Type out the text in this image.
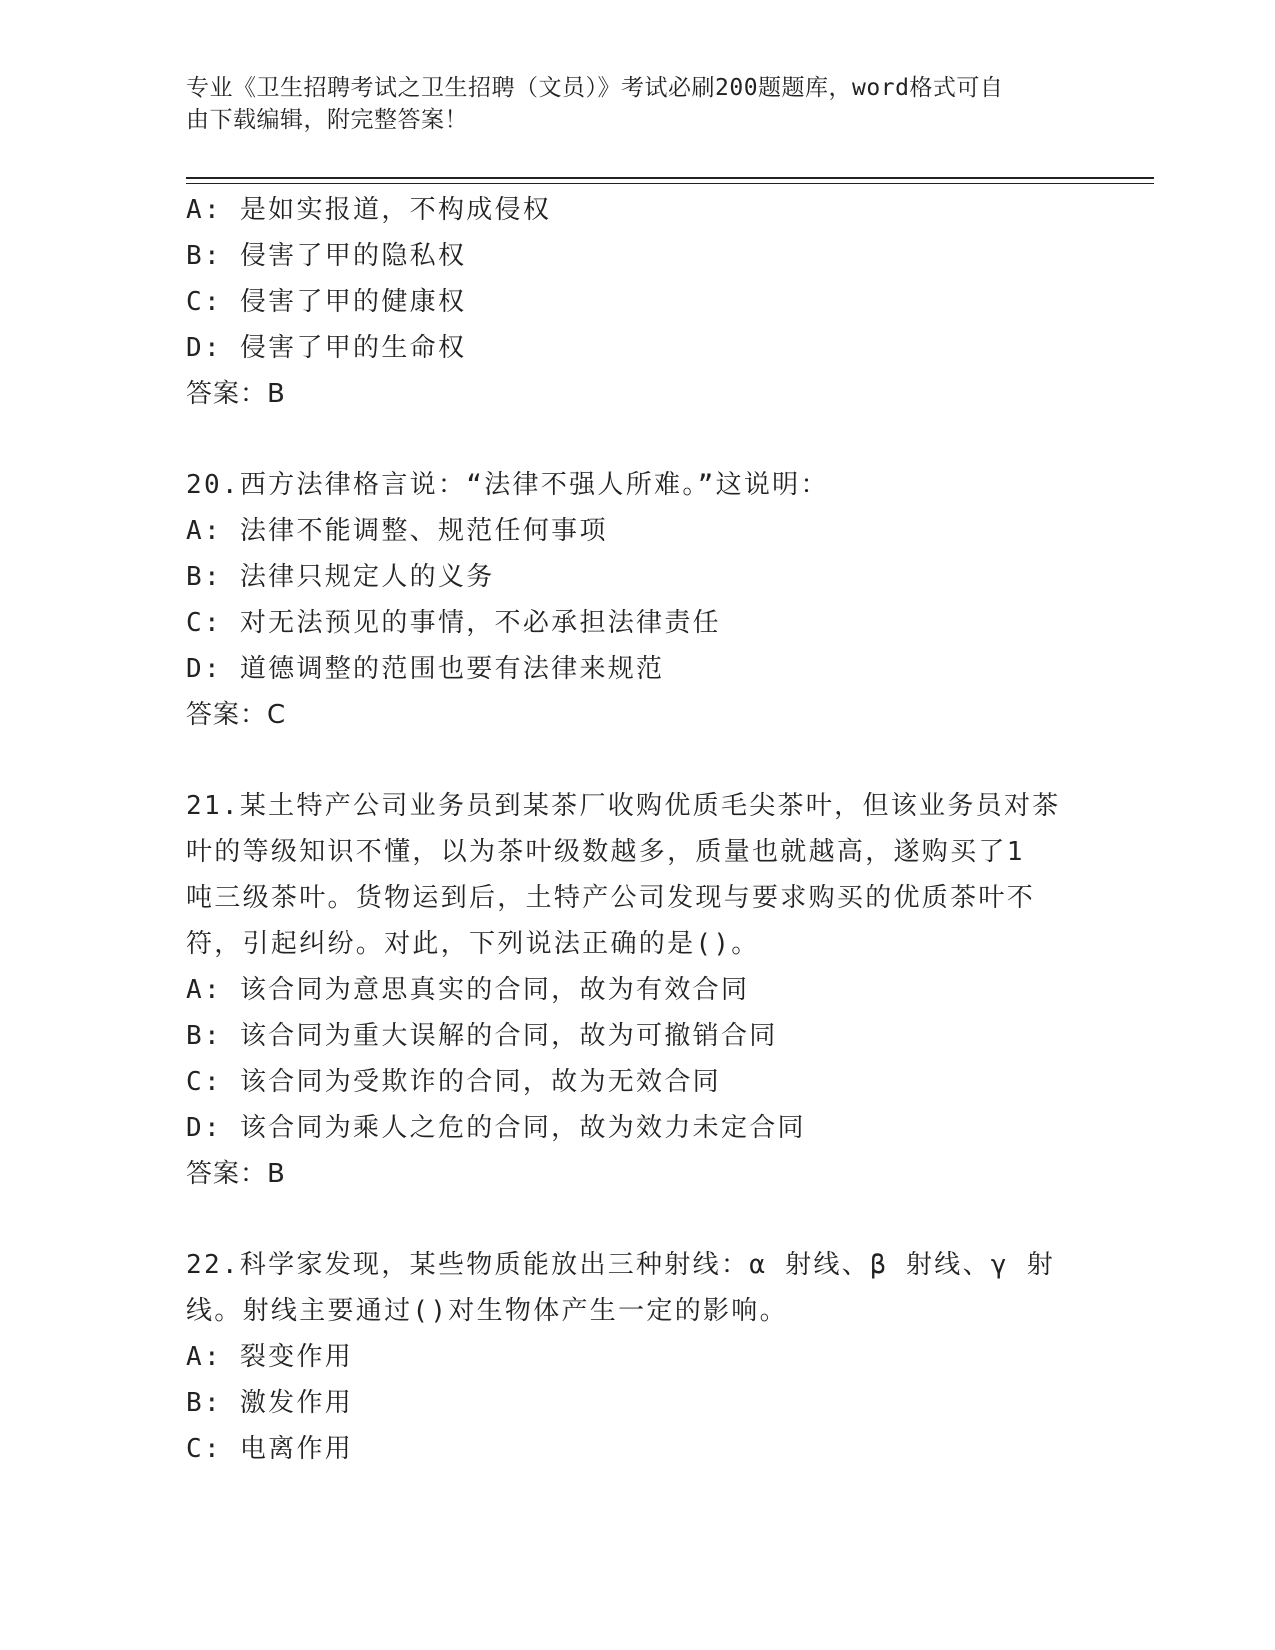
专业《卫生招聘考试之卫生招聘（文员）》考试必刷200题题库，word格式可自
由下载编辑，附完整答案！
A: 是如实报道，不构成侵权
B: 侵害了甲的隐私权
C: 侵害了甲的健康权
D: 侵害了甲的生命权
答案：B
20.西方法律格言说：“法律不强人所难。”这说明：
A: 法律不能调整、规范任何事项
B: 法律只规定人的义务
C: 对无法预见的事情，不必承担法律责任
D: 道德调整的范围也要有法律来规范
答案：C
21.某土特产公司业务员到某茶厂收购优质毛尖茶叶，但该业务员对茶
叶的等级知识不懂，以为茶叶级数越多，质量也就越高，遂购买了1
吨三级茶叶。货物运到后，土特产公司发现与要求购买的优质茶叶不
符，引起纠纷。对此，下列说法正确的是()。
A: 该合同为意思真实的合同，故为有效合同
B: 该合同为重大误解的合同，故为可撤销合同
C: 该合同为受欺诈的合同，故为无效合同
D: 该合同为乘人之危的合同，故为效力未定合同
答案：B
22.科学家发现，某些物质能放出三种射线：α 射线、β 射线、γ 射
线。射线主要通过()对生物体产生一定的影响。
A: 裂变作用
B: 激发作用
C: 电离作用
